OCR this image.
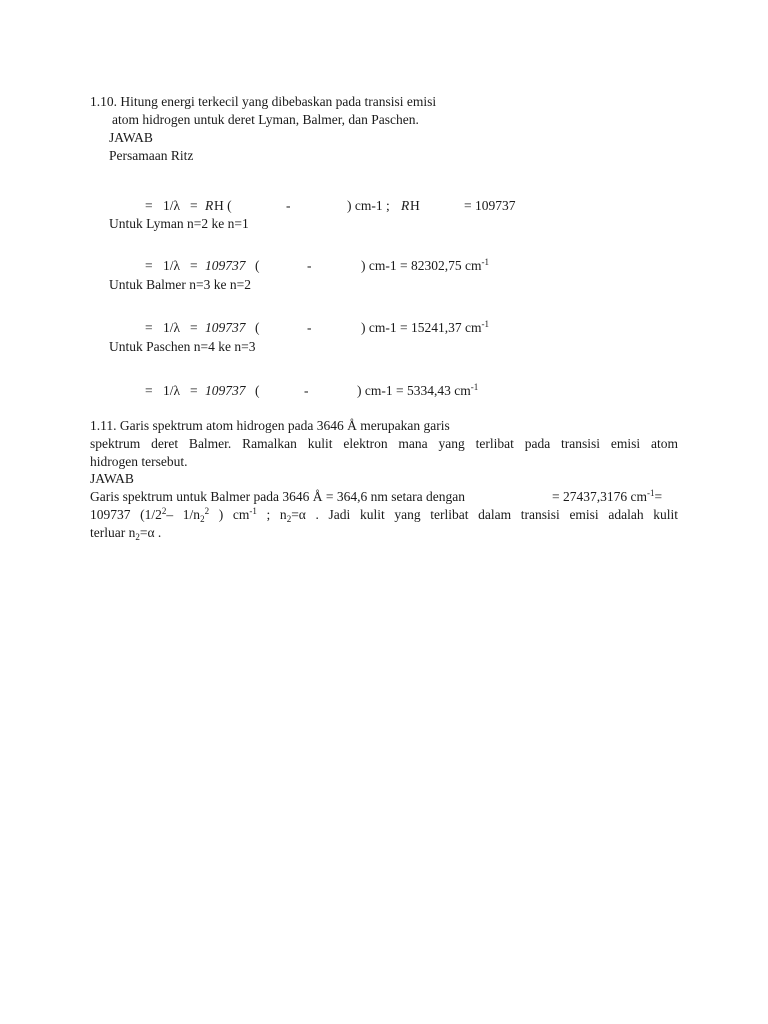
1.10. Hitung energi terkecil yang dibebaskan pada transisi emisi
atom hidrogen untuk deret Lyman, Balmer, dan Paschen.
JAWAB
Persamaan Ritz
= 1/λ = R H (	-	) cm-1 ; R H	= 109737
Untuk Lyman n=2 ke n=1
= 1/λ = 109737 (	-	) cm-1 = 82302,75 $cm^{-1}$
Untuk Balmer n=3 ke n=2
= 1/λ = 109737 (	-	) cm-1 = 15241,37 $cm^{-1}$
Untuk Paschen n=4 ke n=3
= 1/λ = 109737 (	-	) cm-1 = 5334,43 $cm^{-1}$
1.11. Garis spektrum atom hidrogen pada 3646 Å merupakan garis
spektrum deret Balmer. Ramalkan kulit elektron mana yang terlibat pada transisi emisi atom
hidrogen tersebut.
JAWAB
Garis spektrum untuk Balmer pada 3646 Å = 364,6 nm setara dengan	= 27437,3176 $cm^{-1}=$
109737 ($1/2^2-$ $1/n_2^2$ ) $cm^{-1}$ ; $n_2=\alpha$ . Jadi kulit yang terlibat dalam transisi emisi adalah kulit
terluar $n_2=\alpha$ .
